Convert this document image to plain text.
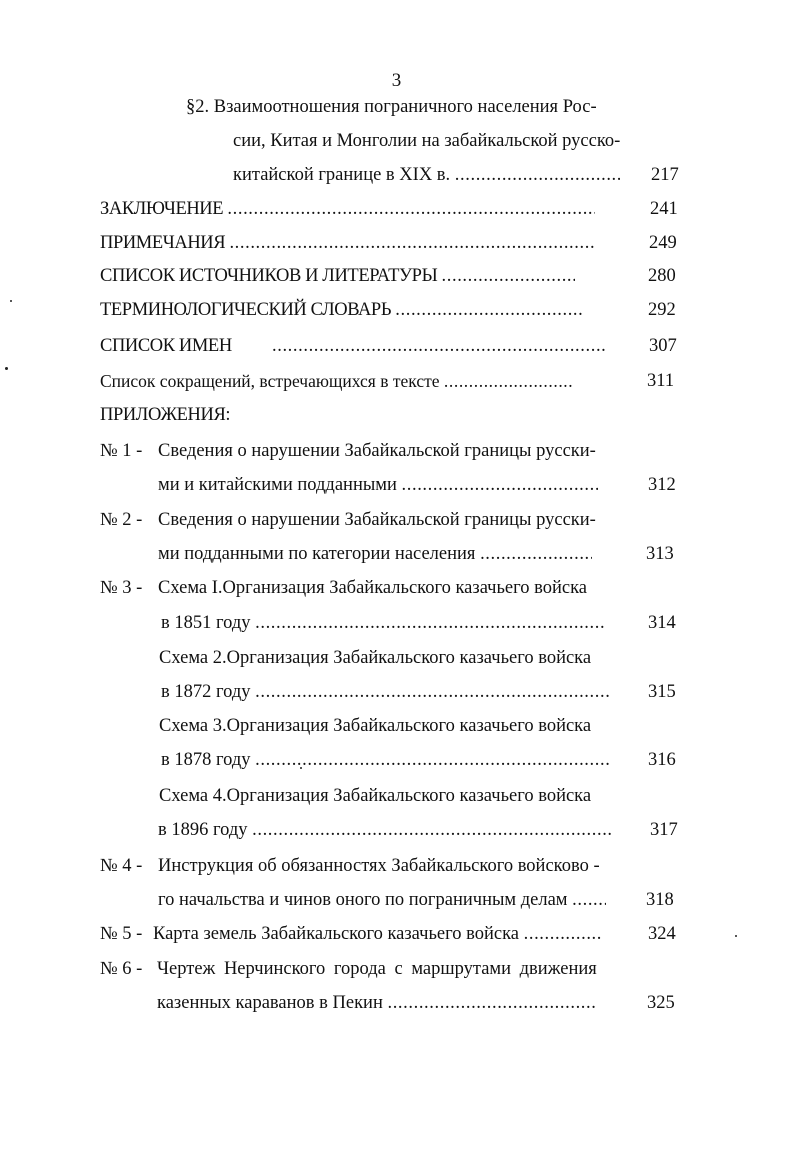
3
§2. Взаимоотношения пограничного населения Рос-
сии, Китая и Монголии на забайкальской русско-
китайской границе в XIX в. .....	217
ЗАКЛЮЧЕНИЕ .....	241
ПРИМЕЧАНИЯ .....	249
СПИСОК ИСТОЧНИКОВ И ЛИТЕРАТУРЫ .....	280
ТЕРМИНОЛОГИЧЕСКИЙ СЛОВАРЬ .....	292
СПИСОК ИМЕН .....	307
Список сокращений, встречающихся в тексте .....	311
ПРИЛОЖЕНИЯ:
№ 1 - Сведения о нарушении Забайкальской границы русски-
ми и китайскими подданными .....	312
№ 2 - Сведения о нарушении Забайкальской границы русски-
ми подданными по категории населения .....	313
№ 3 - Схема I.Организация Забайкальского казачьего войска
в 1851 году .....	314
Схема 2.Организация Забайкальского казачьего войска
в 1872 году .....	315
Схема 3.Организация Забайкальского казачьего войска
в 1878 году .....	316
Схема 4.Организация Забайкальского казачьего войска
в 1896 году .....	317
№ 4 - Инструкция об обязанностях Забайкальского войсково -
го начальства и чинов оного по пограничным делам .....	318
№ 5 - Карта земель Забайкальского казачьего войска .....	324
№ 6 - Чертеж Нерчинского города с маршрутами движения
казенных караванов в Пекин .....	325
